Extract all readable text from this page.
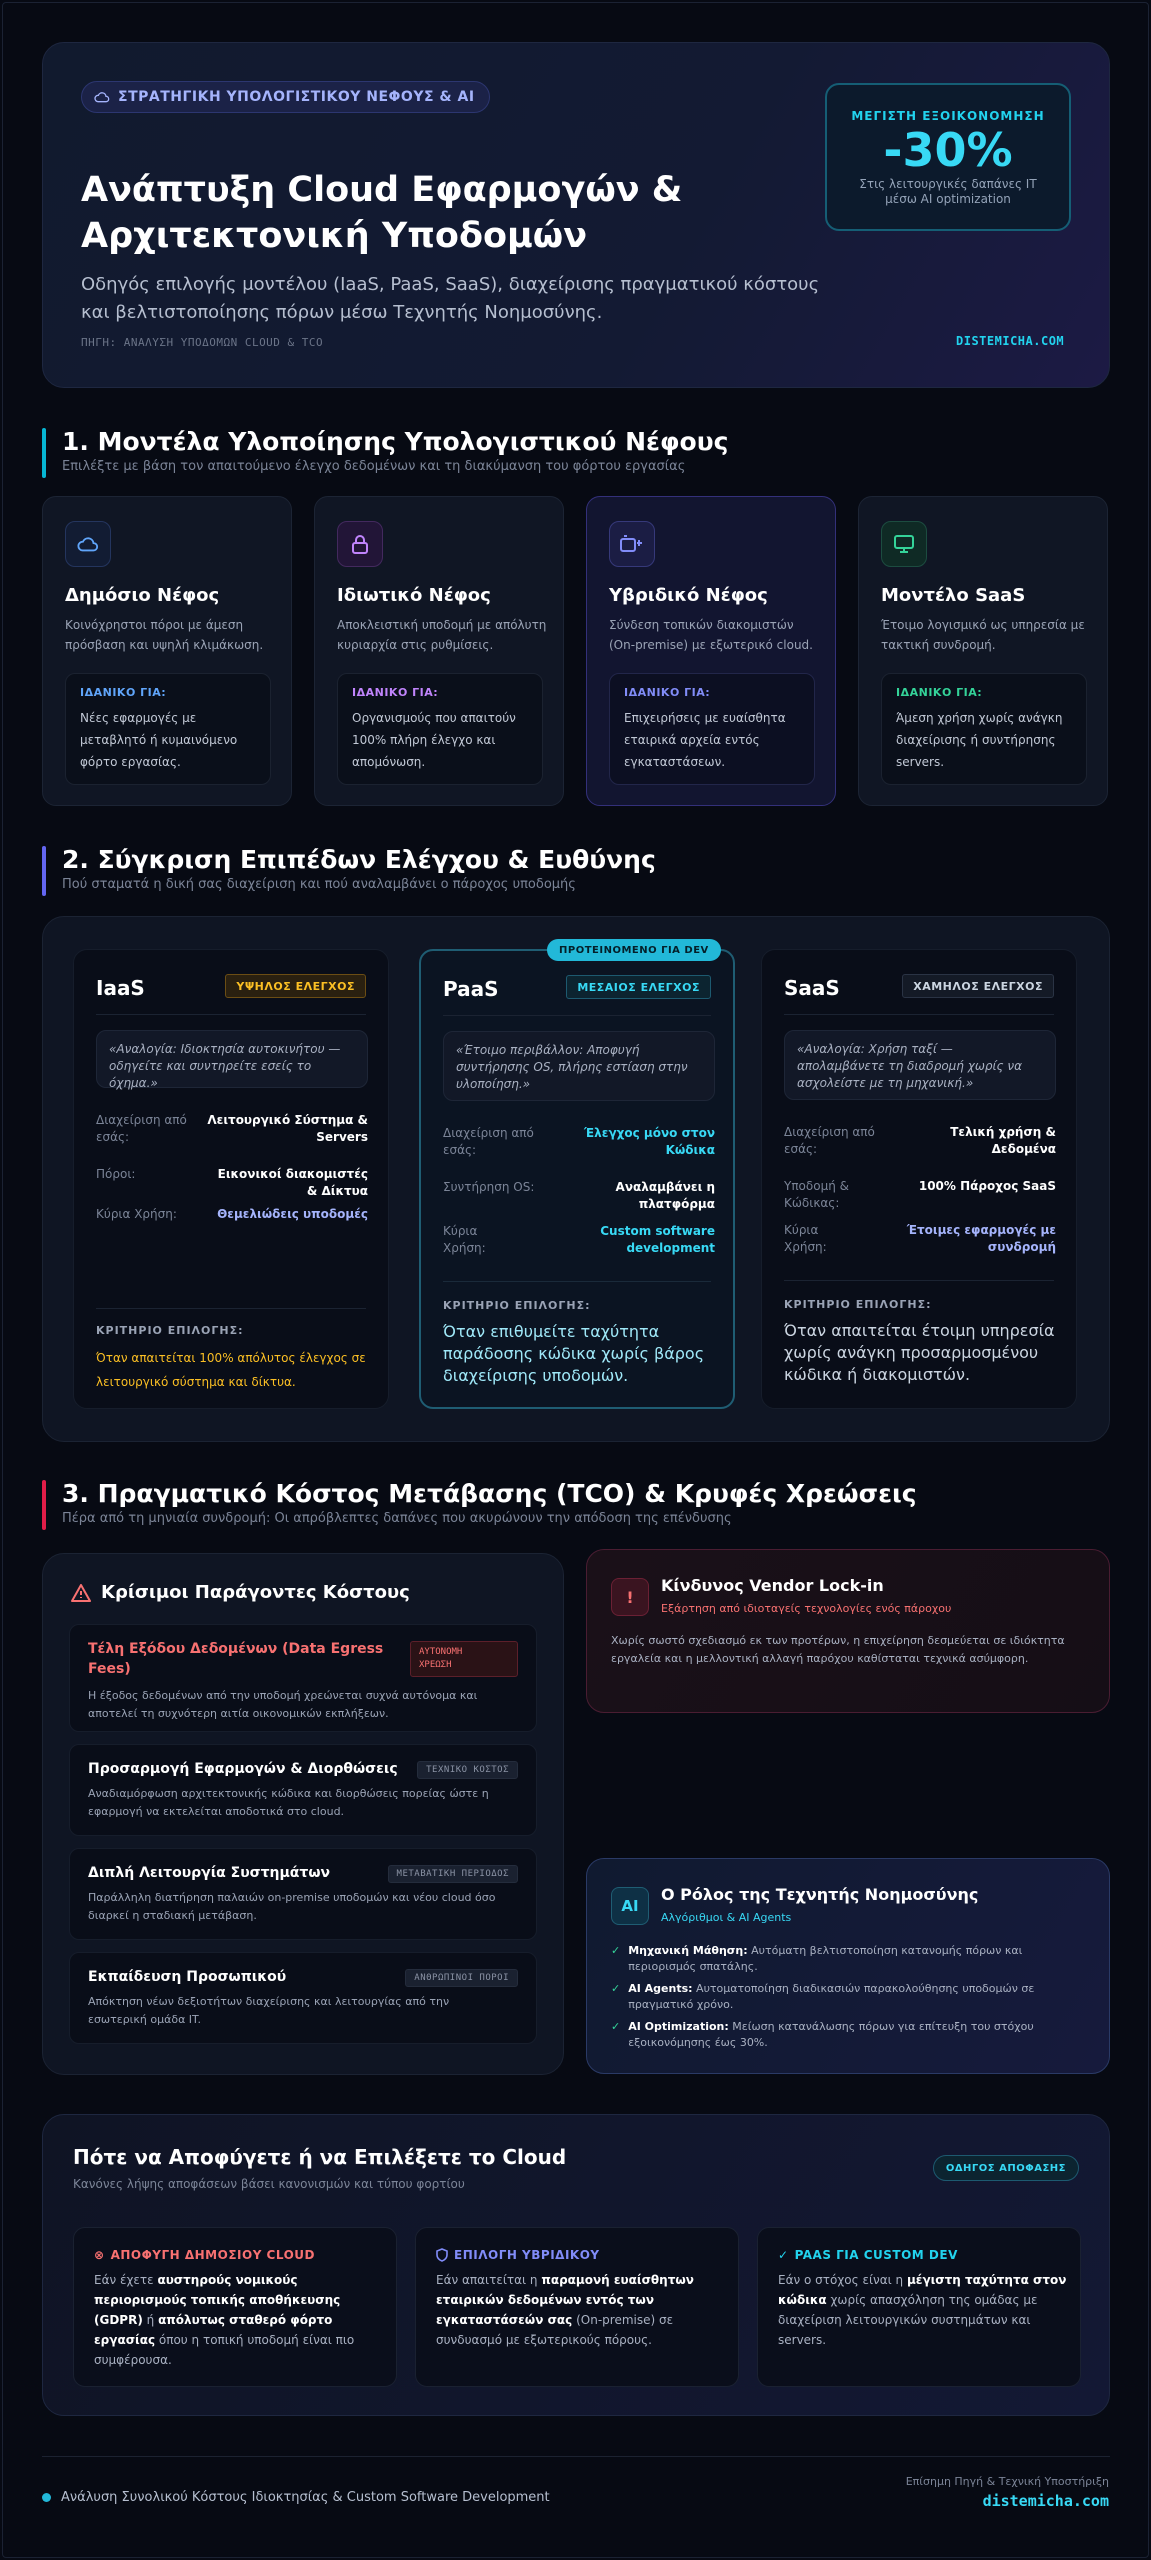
ΣΤΡΑΤΗΓΙΚΗ ΥΠΟΛΟΓΙΣΤΙΚΟΥ ΝΕΦΟΥΣ & AI
Ανάπτυξη Cloud Εφαρμογών &
Αρχιτεκτονική Υποδομών

Οδηγός επιλογής μοντέλου (IaaS, PaaS, SaaS), διαχείρισης πραγματικού κόστους και βελτιστοποίησης πόρων μέσω Τεχνητής Νοημοσύνης.

ΠΗΓΗ: ΑΝΑΛΥΣΗ ΥΠΟΔΟΜΩΝ CLOUD & TCO	DISTEMICHA.COM
ΜΕΓΙΣΤΗ ΕΞΟΙΚΟΝΟΜΗΣΗ
-30%
Στις λειτουργικές δαπάνες IT
μέσω AI optimization
1. Μοντέλα Υλοποίησης Υπολογιστικού Νέφους
Επιλέξτε με βάση τον απαιτούμενο έλεγχο δεδομένων και τη διακύμανση του φόρτου εργασίας
Δημόσιο Νέφος
Κοινόχρηστοι πόροι με άμεση πρόσβαση και υψηλή κλιμάκωση.
ΙΔΑΝΙΚΟ ΓΙΑ:
Νέες εφαρμογές με μεταβλητό ή κυμαινόμενο φόρτο εργασίας.
Ιδιωτικό Νέφος
Αποκλειστική υποδομή με απόλυτη κυριαρχία στις ρυθμίσεις.
ΙΔΑΝΙΚΟ ΓΙΑ:
Οργανισμούς που απαιτούν 100% πλήρη έλεγχο και απομόνωση.
Υβριδικό Νέφος
Σύνδεση τοπικών διακομιστών (On-premise) με εξωτερικό cloud.
ΙΔΑΝΙΚΟ ΓΙΑ:
Επιχειρήσεις με ευαίσθητα εταιρικά αρχεία εντός εγκαταστάσεων.
Μοντέλο SaaS
Έτοιμο λογισμικό ως υπηρεσία με τακτική συνδρομή.
ΙΔΑΝΙΚΟ ΓΙΑ:
Άμεση χρήση χωρίς ανάγκη διαχείρισης ή συντήρησης servers.
2. Σύγκριση Επιπέδων Ελέγχου & Ευθύνης
Πού σταματά η δική σας διαχείριση και πού αναλαμβάνει ο πάροχος υποδομής
IaaS	ΥΨΗΛΟΣ ΕΛΕΓΧΟΣ
«Αναλογία: Ιδιοκτησία αυτοκινήτου — οδηγείτε και συντηρείτε εσείς το όχημα.»
Διαχείριση από εσάς:
Λειτουργικό Σύστημα & Servers
Πόροι:	Εικονικοί διακομιστές & Δίκτυα
Κύρια Χρήση:	Θεμελιώδεις υποδομές
ΚΡΙΤΗΡΙΟ ΕΠΙΛΟΓΗΣ:
Όταν απαιτείται 100% απόλυτος έλεγχος σε λειτουργικό σύστημα και δίκτυα.
ΠΡΟΤΕΙΝΟΜΕΝΟ ΓΙΑ DEV
PaaS	ΜΕΣΑΙΟΣ ΕΛΕΓΧΟΣ
«Έτοιμο περιβάλλον: Αποφυγή συντήρησης OS, πλήρης εστίαση στην υλοποίηση.»
Διαχείριση από εσάς:
Έλεγχος μόνο στον Κώδικα
Συντήρηση OS:	Αναλαμβάνει η πλατφόρμα
Κύρια Χρήση:
Custom software development
ΚΡΙΤΗΡΙΟ ΕΠΙΛΟΓΗΣ:
Όταν επιθυμείτε ταχύτητα παράδοσης κώδικα χωρίς βάρος διαχείρισης υποδομών.
SaaS	ΧΑΜΗΛΟΣ ΕΛΕΓΧΟΣ
«Αναλογία: Χρήση ταξί — απολαμβάνετε τη διαδρομή χωρίς να ασχολείστε με τη μηχανική.»
Διαχείριση από εσάς:
Τελική χρήση & Δεδομένα
Υποδομή & Κώδικας:
100% Πάροχος SaaS
Κύρια Χρήση:
Έτοιμες εφαρμογές με συνδρομή
ΚΡΙΤΗΡΙΟ ΕΠΙΛΟΓΗΣ:
Όταν απαιτείται έτοιμη υπηρεσία χωρίς ανάγκη προσαρμοσμένου κώδικα ή διακομιστών.
3. Πραγματικό Κόστος Μετάβασης (TCO) & Κρυφές Χρεώσεις
Πέρα από τη μηνιαία συνδρομή: Οι απρόβλεπτες δαπάνες που ακυρώνουν την απόδοση της επένδυσης
Κρίσιμοι Παράγοντες Κόστους
Τέλη Εξόδου Δεδομένων (Data Egress
Fees)
ΑΥΤΟΝΟΜΗ
ΧΡΕΩΣΗ
Η έξοδος δεδομένων από την υποδομή χρεώνεται συχνά αυτόνομα και αποτελεί τη συχνότερη αιτία οικονομικών εκπλήξεων.
Προσαρμογή Εφαρμογών & Διορθώσεις	ΤΕΧΝΙΚΟ ΚΟΣΤΟΣ
Αναδιαμόρφωση αρχιτεκτονικής κώδικα και διορθώσεις πορείας ώστε η εφαρμογή να εκτελείται αποδοτικά στο cloud.
Διπλή Λειτουργία Συστημάτων	ΜΕΤΑΒΑΤΙΚΗ ΠΕΡΙΟΔΟΣ
Παράλληλη διατήρηση παλαιών on-premise υποδομών και νέου cloud όσο διαρκεί η σταδιακή μετάβαση.
Εκπαίδευση Προσωπικού	ΑΝΘΡΩΠΙΝΟΙ ΠΟΡΟΙ
Απόκτηση νέων δεξιοτήτων διαχείρισης και λειτουργίας από την εσωτερική ομάδα IT.
!
Κίνδυνος Vendor Lock-in
Εξάρτηση από ιδιοταγείς τεχνολογίες ενός πάροχου
Χωρίς σωστό σχεδιασμό εκ των προτέρων, η επιχείρηση δεσμεύεται σε ιδιόκτητα εργαλεία και η μελλοντική αλλαγή παρόχου καθίσταται τεχνικά ασύμφορη.
AI
Ο Ρόλος της Τεχνητής Νοημοσύνης
Αλγόριθμοι & AI Agents
✓ Μηχανική Μάθηση: Αυτόματη βελτιστοποίηση κατανομής πόρων και περιορισμός σπατάλης.
✓ AI Agents: Αυτοματοποίηση διαδικασιών παρακολούθησης υποδομών σε πραγματικό χρόνο.
✓ AI Optimization: Μείωση κατανάλωσης πόρων για επίτευξη του στόχου εξοικονόμησης έως 30%.
Πότε να Αποφύγετε ή να Επιλέξετε το Cloud
Κανόνες λήψης αποφάσεων βάσει κανονισμών και τύπου φορτίου
ΟΔΗΓΟΣ ΑΠΟΦΑΣΗΣ
⊗ ΑΠΟΦΥΓΗ ΔΗΜΟΣΙΟΥ CLOUD
Εάν έχετε αυστηρούς νομικούς περιορισμούς τοπικής αποθήκευσης (GDPR) ή απόλυτως σταθερό φόρτο εργασίας όπου η τοπική υποδομή είναι πιο συμφέρουσα.
ΕΠΙΛΟΓΗ ΥΒΡΙΔΙΚΟΥ
Εάν απαιτείται η παραμονή ευαίσθητων εταιρικών δεδομένων εντός των εγκαταστάσεών σας (On-premise) σε συνδυασμό με εξωτερικούς πόρους.
✓ PAAS ΓΙΑ CUSTOM DEV
Εάν ο στόχος είναι η μέγιστη ταχύτητα στον κώδικα χωρίς απασχόληση της ομάδας με διαχείριση λειτουργικών συστημάτων και servers.
Ανάλυση Συνολικού Κόστους Ιδιοκτησίας & Custom Software Development
Επίσημη Πηγή & Τεχνική Υποστήριξη
distemicha.com
